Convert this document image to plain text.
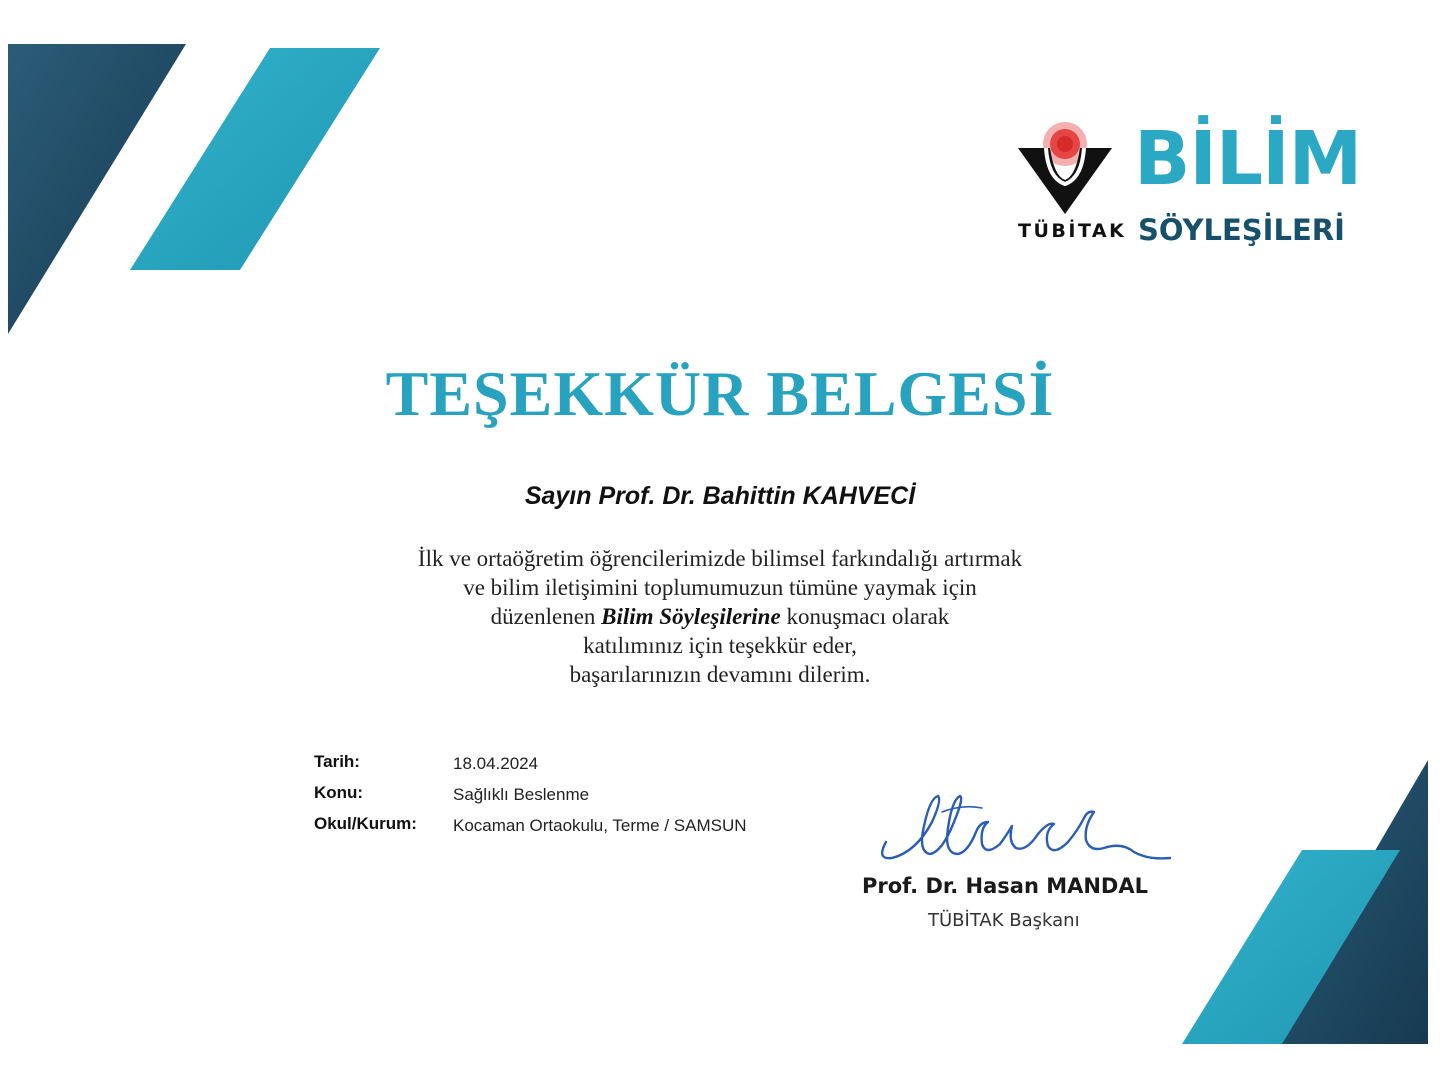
TÜBİTAK
BİLİM
SÖYLEŞİLERİ
TEŞEKKÜR BELGESİ
Sayın Prof. Dr. Bahittin KAHVECİ
İlk ve ortaöğretim öğrencilerimizde bilimsel farkındalığı artırmak
ve bilim iletişimini toplumumuzun tümüne yaymak için
düzenlenen Bilim Söyleşilerine konuşmacı olarak
katılımınız için teşekkür eder,
başarılarınızın devamını dilerim.
Tarih:	18.04.2024
Konu:	Sağlıklı Beslenme
Okul/Kurum: Kocaman Ortaokulu, Terme / SAMSUN
Prof. Dr. Hasan MANDAL
TÜBİTAK Başkanı
